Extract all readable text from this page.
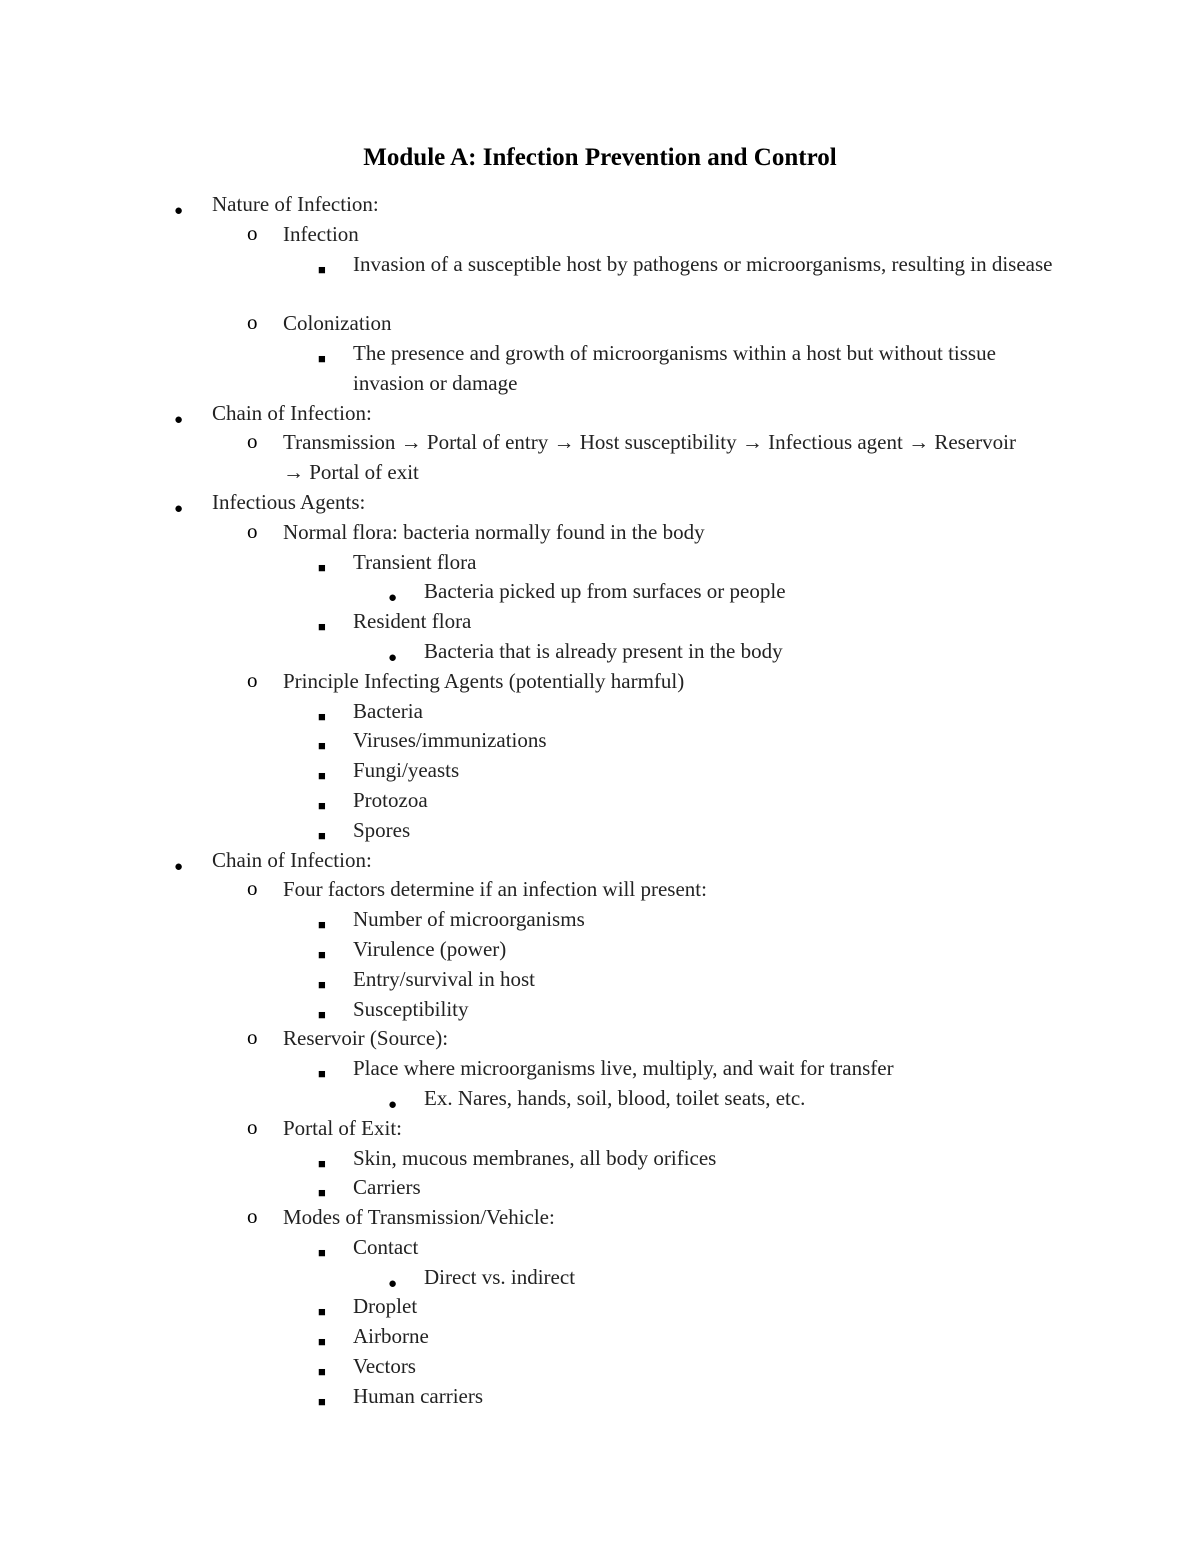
Module A: Infection Prevention and Control
● Nature of Infection:
o Infection
■ Invasion of a susceptible host by pathogens or microorganisms, resulting in disease
o Colonization
■ The presence and growth of microorganisms within a host but without tissue invasion or damage
● Chain of Infection:
o Transmission → Portal of entry → Host susceptibility → Infectious agent → Reservoir → Portal of exit
● Infectious Agents:
o Normal flora: bacteria normally found in the body
■ Transient flora
● Bacteria picked up from surfaces or people
■ Resident flora
● Bacteria that is already present in the body
o Principle Infecting Agents (potentially harmful)
■ Bacteria
■ Viruses/immunizations
■ Fungi/yeasts
■ Protozoa
■ Spores
● Chain of Infection:
o Four factors determine if an infection will present:
■ Number of microorganisms
■ Virulence (power)
■ Entry/survival in host
■ Susceptibility
o Reservoir (Source):
■ Place where microorganisms live, multiply, and wait for transfer
● Ex. Nares, hands, soil, blood, toilet seats, etc.
o Portal of Exit:
■ Skin, mucous membranes, all body orifices
■ Carriers
o Modes of Transmission/Vehicle:
■ Contact
● Direct vs. indirect
■ Droplet
■ Airborne
■ Vectors
■ Human carriers
